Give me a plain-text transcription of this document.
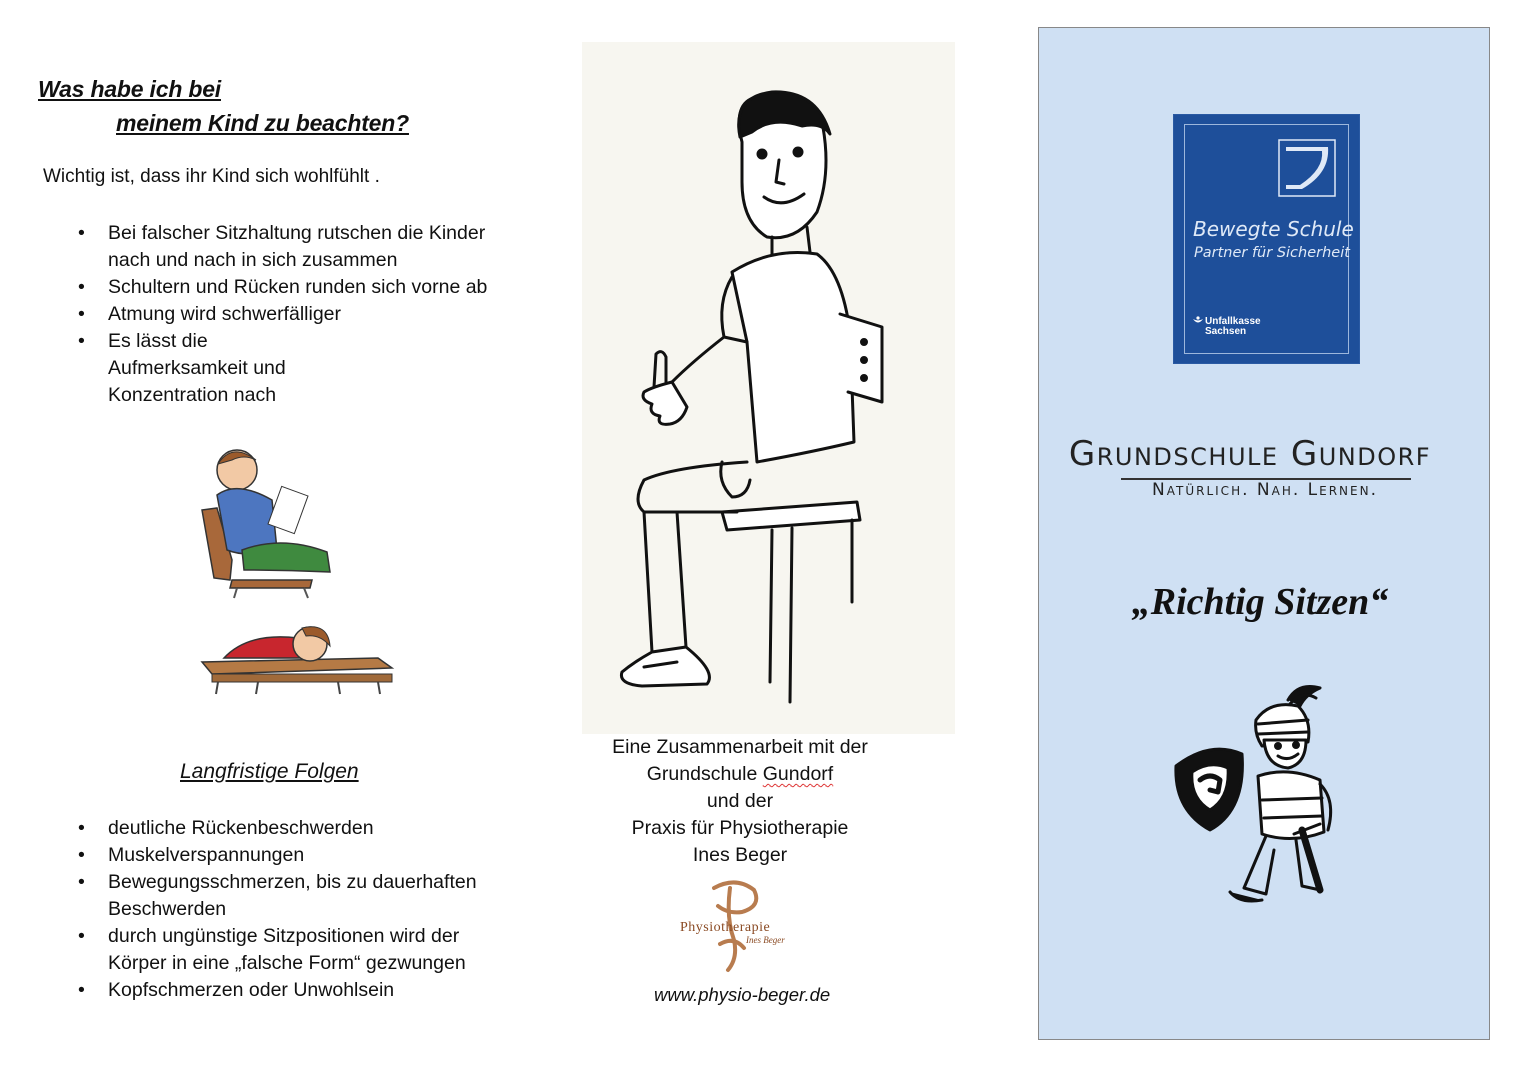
Was habe ich bei
meinem Kind zu beachten?
Wichtig ist, dass ihr Kind sich wohlfühlt .
• Bei falscher Sitzhaltung rutschen die Kinder nach und nach in sich zusammen
• Schultern und Rücken runden sich vorne ab
• Atmung wird schwerfälliger
• Es lässt die Aufmerksamkeit und Konzentration nach
Langfristige Folgen
• deutliche Rückenbeschwerden
• Muskelverspannungen
• Bewegungsschmerzen, bis zu dauerhaften Beschwerden
• durch ungünstige Sitzpositionen wird der Körper in eine „falsche Form“ gezwungen
• Kopfschmerzen oder Unwohlsein
Eine Zusammenarbeit mit der
Grundschule Gundorf
und der
Praxis für Physiotherapie
Ines Beger
Physiotherapie
Ines Beger
www.physio-beger.de
Bewegte Schule
Partner für Sicherheit
Unfallkasse
Sachsen
Grundschule Gundorf
Natürlich. Nah. Lernen.
„Richtig Sitzen“
